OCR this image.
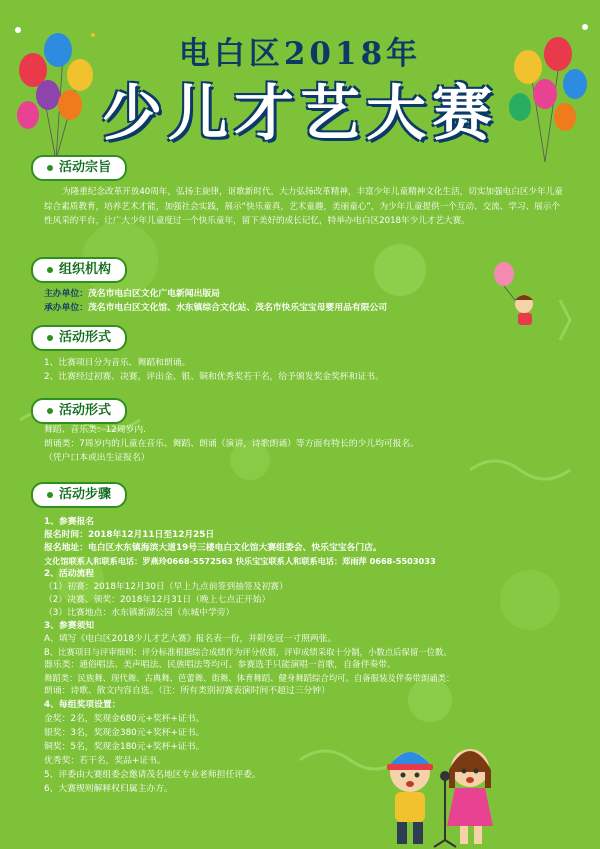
电白区2018年
少儿才艺大赛
活动宗旨
为隆重纪念改革开放40周年，弘扬主旋律，讴歌新时代，大力弘扬改革精神，丰富少年儿童精神文化生活，切实加强电白区少年儿童综合素质教育，培养艺术才能，加强社会实践，展示“快乐童真，艺术童趣，美丽童心”，为少年儿童提供一个互动、交流、学习、展示个性风采的平台，让广大少年儿童度过一个快乐童年，留下美好的成长记忆，特举办电白区2018年少儿才艺大赛。
组织机构
主办单位：茂名市电白区文化广电新闻出版局
承办单位：茂名市电白区文化馆、水东镇综合文化站、茂名市快乐宝宝母婴用品有限公司
活动形式
1、比赛项目分为音乐、舞蹈和朗诵。
2、比赛经过初赛、决赛，评出金、银、铜和优秀奖若干名，给予颁发奖金奖杯和证书。
活动形式
舞蹈、音乐类：12周岁内.
朗诵类：7周岁内的儿童在音乐、舞蹈、朗诵（演讲，诗歌朗诵）等方面有特长的少儿均可报名。
（凭户口本或出生证报名）
活动步骤
1、参赛报名
报名时间：2018年12月11日至12月25日
报名地址：电白区水东镇海滨大道19号三楼电白文化馆大赛组委会、快乐宝宝各门店。
文化馆联系人和联系电话：罗燕玲0668-5572563 快乐宝宝联系人和联系电话：郑雨萍 0668-5503033
2、活动流程
（1）初赛：2018年12月30日（早上九点前签到抽签及初赛）
（2）决赛、颁奖：2018年12月31日（晚上七点正开始）
（3）比赛地点：水东镇新湖公园（东城中学旁）
3、参赛须知
A、填写《电白区2018少儿才艺大赛》报名表一份，并附免冠一寸照两张。
B、比赛项目与评审细则：评分标准根据综合成绩作为评分依据，评审成绩采取十分制，小数点后保留一位数。
器乐类：通俗唱法、美声唱法、民族唱法等均可。参赛选手只能演唱一首歌，自备伴奏带。
舞蹈类：民族舞、现代舞、古典舞、芭蕾舞、街舞、体育舞蹈、健身舞蹈综合均可。自备服装及伴奏带朗诵类：
朗诵：诗歌、散文内容自选。（注：所有类别初赛表演时间不超过三分钟）
4、每组奖项设置：
金奖：2名，奖现金680元+奖杯+证书。
银奖：3名，奖现金380元+奖杯+证书。
铜奖：5名，奖现金180元+奖杯+证书。
优秀奖：若干名，奖品+证书。
5、评委由大赛组委会邀请茂名地区专业老师担任评委。
6、大赛规则解释权归属主办方。
